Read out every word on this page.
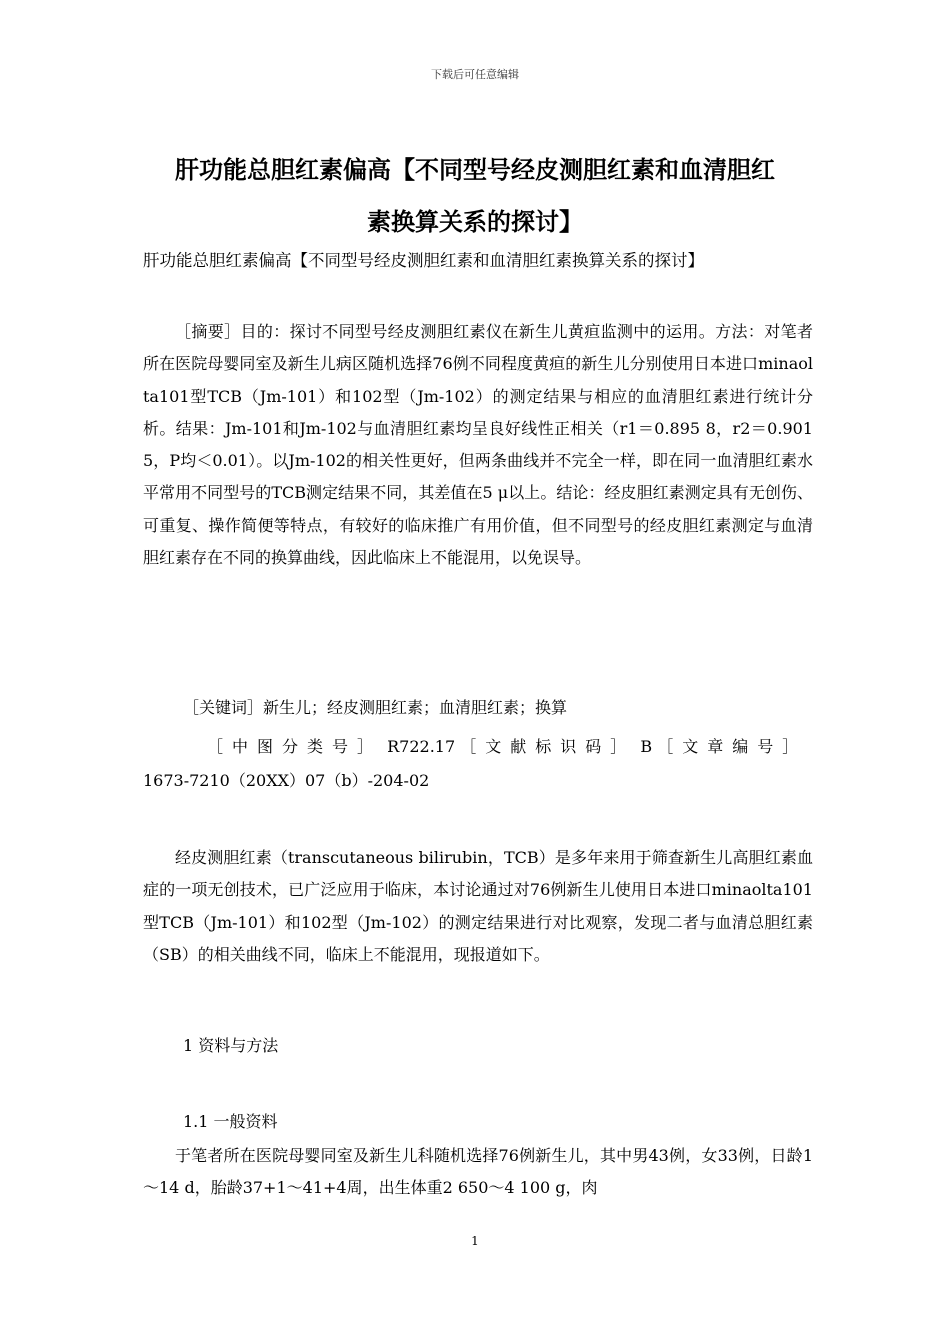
下载后可任意编辑
肝功能总胆红素偏高【不同型号经皮测胆红素和血清胆红
素换算关系的探讨】
肝功能总胆红素偏高【不同型号经皮测胆红素和血清胆红素换算关系的探讨】

［摘要］目的：探讨不同型号经皮测胆红素仪在新生儿黄疸监测中的运用。方法：对笔者所在医院母婴同室及新生儿病区随机选择76例不同程度黄疸的新生儿分别使用日本进口minaolta101型TCB（Jm-101）和102型（Jm-102）的测定结果与相应的血清胆红素进行统计分析。结果：Jm-101和Jm-102与血清胆红素均呈良好线性正相关（r1＝0.895 8，r2＝0.901 5，P均＜0.01）。以Jm-102的相关性更好，但两条曲线并不完全一样，即在同一血清胆红素水平常用不同型号的TCB测定结果不同，其差值在5 μ以上。结论：经皮胆红素测定具有无创伤、可重复、操作简便等特点，有较好的临床推广有用价值，但不同型号的经皮胆红素测定与血清胆红素存在不同的换算曲线，因此临床上不能混用，以免误导。

［关键词］新生儿；经皮测胆红素；血清胆红素；换算
［中图分类号］ R722.17 ［文献标识码］ B ［文章编号］ 1673-7210（20XX）07（b）-204-02

经皮测胆红素（transcutaneous bilirubin，TCB）是多年来用于筛查新生儿高胆红素血症的一项无创技术，已广泛应用于临床，本讨论通过对76例新生儿使用日本进口minaolta101型TCB（Jm-101）和102型（Jm-102）的测定结果进行对比观察，发现二者与血清总胆红素（SB）的相关曲线不同，临床上不能混用，现报道如下。

1 资料与方法
1.1 一般资料

于笔者所在医院母婴同室及新生儿科随机选择76例新生儿，其中男43例，女33例，日龄1～14 d，胎龄37+1～41+4周，出生体重2 650～4 100 g，肉

1
